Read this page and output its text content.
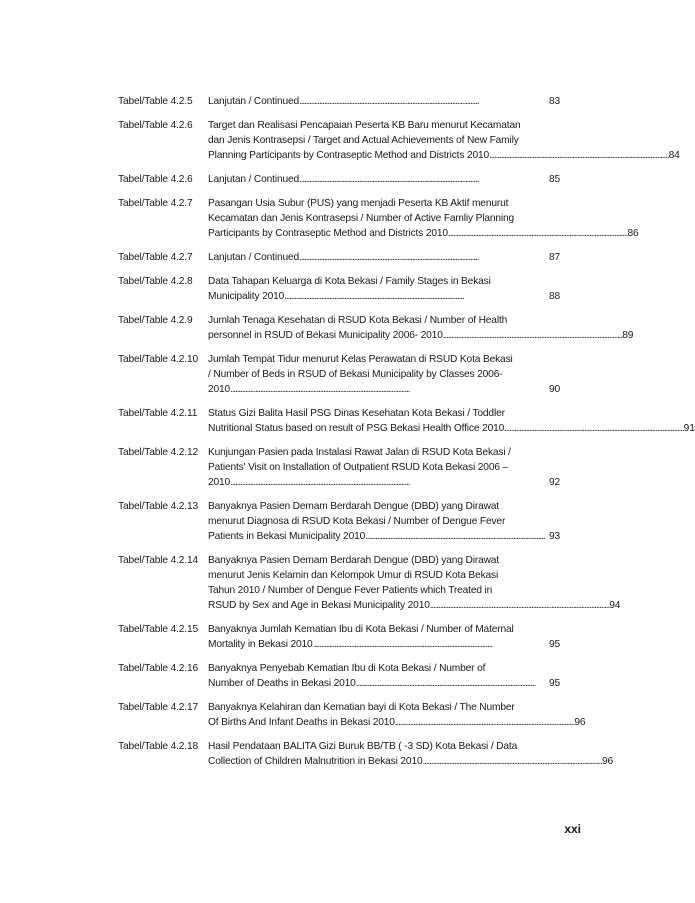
Tabel/Table 4.2.5	Lanjutan / Continued . . .	83
Tabel/Table 4.2.6	Target dan Realisasi Pencapaian Peserta KB Baru menurut Kecamatan
dan Jenis Kontrasepsi / Target and Actual Achievements of New Family
Planning Participants by Contraseptic Method and Districts 2010 . . .	84
Tabel/Table 4.2.6	Lanjutan / Continued . . .	85
Tabel/Table 4.2.7	Pasangan Usia Subur (PUS) yang menjadi Peserta KB Aktif menurut
Kecamatan dan Jenis Kontrasepsi / Number of Active Famliy Planning
Participants by Contraseptic Method and Districts 2010 . . .	86
Tabel/Table 4.2.7	Lanjutan / Continued . . .	87
Tabel/Table 4.2.8	Data Tahapan Keluarga di Kota Bekasi / Family Stages in Bekasi
Municipality 2010 . . .	88
Tabel/Table 4.2.9	Jumlah Tenaga Kesehatan di RSUD Kota Bekasi / Number of Health
personnel in RSUD of Bekasi Municipality 2006- 2010 . . .	89
Tabel/Table 4.2.10 Jumlah Tempat Tidur menurut Kelas Perawatan di RSUD Kota Bekasi
/ Number of Beds in RSUD of Bekasi Municipality by Classes 2006-
2010 . . .	90
Tabel/Table 4.2.11	Status Gizi Balita Hasil PSG Dinas Kesehatan Kota Bekasi / Toddler
Nutritional Status based on result of PSG Bekasi Health Office 2010 . . .	91
Tabel/Table 4.2.12 Kunjungan Pasien pada Instalasi Rawat Jalan di RSUD Kota Bekasi /
Patients' Visit on Installation of Outpatient RSUD Kota Bekasi 2006 –
2010 . . .	92
Tabel/Table 4.2.13 Banyaknya Pasien Demam Berdarah Dengue (DBD) yang Dirawat
menurut Diagnosa di RSUD Kota Bekasi / Number of Dengue Fever
Patients in Bekasi Municipality 2010 . . .	93
Tabel/Table 4.2.14 Banyaknya Pasien Demam Berdarah Dengue (DBD) yang Dirawat
menurut Jenis Kelamin dan Kelompok Umur di RSUD Kota Bekasi
Tahun 2010 / Number of Dengue Fever Patients which Treated in
RSUD by Sex and Age in Bekasi Municipality 2010 . . .	94
Tabel/Table 4.2.15 Banyaknya Jumlah Kematian Ibu di Kota Bekasi / Number of Maternal
Mortality in Bekasi 2010 . . .	95
Tabel/Table 4.2.16 Banyaknya Penyebab Kematian Ibu di Kota Bekasi / Number of
Number of Deaths in Bekasi 2010 . . .	95
Tabel/Table 4.2.17 Banyaknya Kelahiran dan Kematian bayi di Kota Bekasi / The Number
Of Births And Infant Deaths in Bekasi 2010 . . .	96
Tabel/Table 4.2.18 Hasil Pendataan BALITA Gizi Buruk BB/TB ( -3 SD) Kota Bekasi / Data
Collection of Children Malnutrition in Bekasi 2010 . . .	96
xxi
